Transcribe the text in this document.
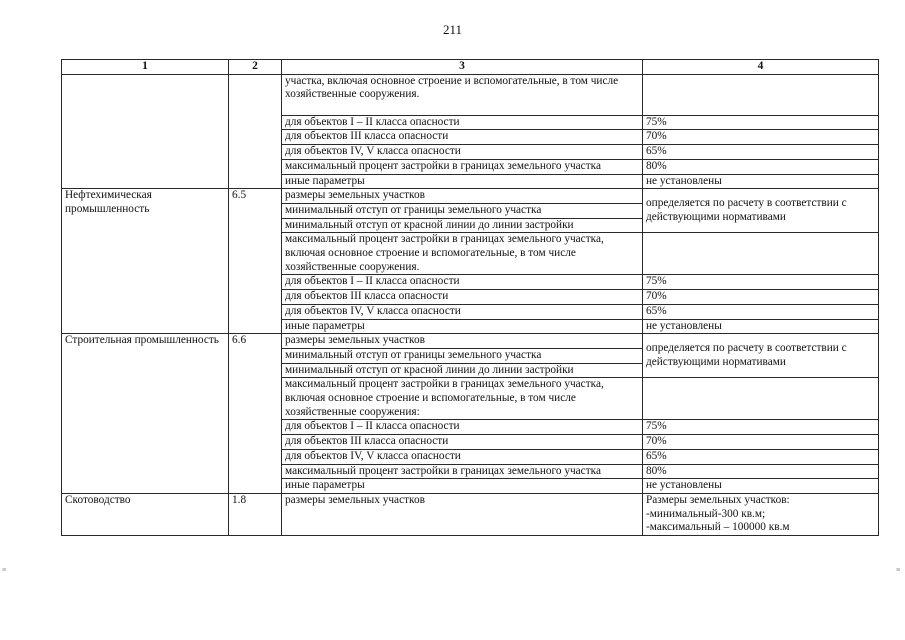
211
1	2	3	4
		участка, включая основное строение и вспомогательные, в том числе хозяйственные сооружения.	
		для объектов I – II класса опасности	75%
		для объектов III класса опасности	70%
		для объектов IV, V класса опасности	65%
		максимальный процент застройки в границах земельного участка	80%
		иные параметры	не установлены
Нефтехимическая промышленность	6.5	размеры земельных участков	определяется по расчету в соответствии с действующими нормативами
		минимальный отступ от границы земельного участка	
		минимальный отступ от красной линии до линии застройки	
		максимальный процент застройки в границах земельного участка, включая основное строение и вспомогательные, в том числе хозяйственные сооружения.	
		для объектов I – II класса опасности	75%
		для объектов III класса опасности	70%
		для объектов IV, V класса опасности	65%
		иные параметры	не установлены
Строительная промышленность	6.6	размеры земельных участков	определяется по расчету в соответствии с действующими нормативами
		минимальный отступ от границы земельного участка	
		минимальный отступ от красной линии до линии застройки	
		максимальный процент застройки в границах земельного участка, включая основное строение и вспомогательные, в том числе хозяйственные сооружения:	
		для объектов I – II класса опасности	75%
		для объектов III класса опасности	70%
		для объектов IV, V класса опасности	65%
		максимальный процент застройки в границах земельного участка	80%
		иные параметры	не установлены
Скотоводство	1.8	размеры земельных участков	Размеры земельных участков:
-минимальный-300 кв.м;
-максимальный – 100000 кв.м
≡	≡
